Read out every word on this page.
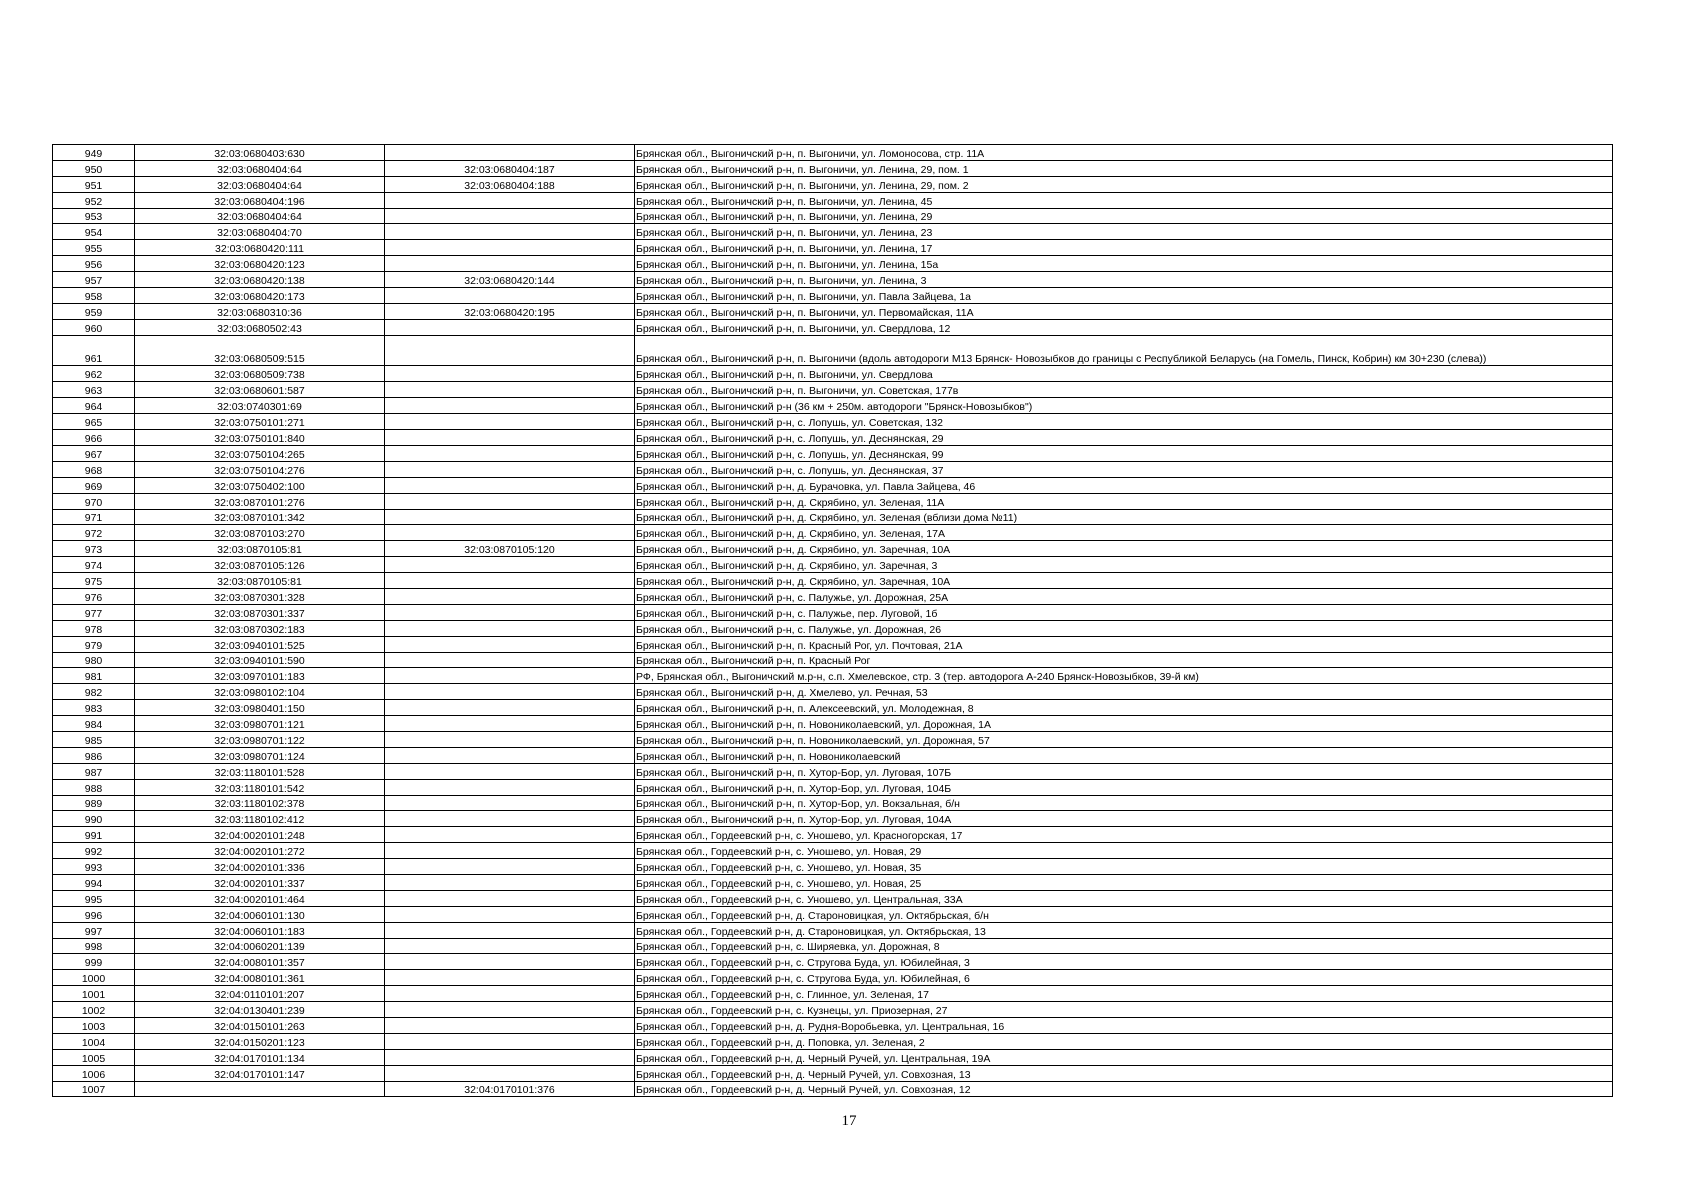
949	32:03:0680403:630		Брянская обл., Выгоничский р-н, п. Выгоничи, ул. Ломоносова, стр. 11А
950	32:03:0680404:64	32:03:0680404:187	Брянская обл., Выгоничский р-н, п. Выгоничи, ул. Ленина, 29, пом. 1
951	32:03:0680404:64	32:03:0680404:188	Брянская обл., Выгоничский р-н, п. Выгоничи, ул. Ленина, 29, пом. 2
952	32:03:0680404:196		Брянская обл., Выгоничский р-н, п. Выгоничи, ул. Ленина, 45
953	32:03:0680404:64		Брянская обл., Выгоничский р-н, п. Выгоничи, ул. Ленина, 29
954	32:03:0680404:70		Брянская обл., Выгоничский р-н, п. Выгоничи, ул. Ленина, 23
955	32:03:0680420:111		Брянская обл., Выгоничский р-н, п. Выгоничи, ул. Ленина, 17
956	32:03:0680420:123		Брянская обл., Выгоничский р-н, п. Выгоничи, ул. Ленина, 15а
957	32:03:0680420:138	32:03:0680420:144	Брянская обл., Выгоничский р-н, п. Выгоничи, ул. Ленина, 3
958	32:03:0680420:173		Брянская обл., Выгоничский р-н, п. Выгоничи, ул. Павла Зайцева, 1а
959	32:03:0680310:36	32:03:0680420:195	Брянская обл., Выгоничский р-н, п. Выгоничи, ул. Первомайская, 11А
960	32:03:0680502:43		Брянская обл., Выгоничский р-н, п. Выгоничи, ул. Свердлова, 12
961	32:03:0680509:515		Брянская обл., Выгоничский р-н, п. Выгоничи (вдоль автодороги М13 Брянск- Новозыбков до границы с Республикой Беларусь (на Гомель, Пинск, Кобрин) км 30+230 (слева))
962	32:03:0680509:738		Брянская обл., Выгоничский р-н, п. Выгоничи, ул. Свердлова
963	32:03:0680601:587		Брянская обл., Выгоничский р-н, п. Выгоничи, ул. Советская, 177в
964	32:03:0740301:69		Брянская обл., Выгоничский р-н (36 км + 250м. автодороги "Брянск-Новозыбков")
965	32:03:0750101:271		Брянская обл., Выгоничский р-н, с. Лопушь, ул. Советская, 132
966	32:03:0750101:840		Брянская обл., Выгоничский р-н, с. Лопушь, ул. Деснянская, 29
967	32:03:0750104:265		Брянская обл., Выгоничский р-н, с. Лопушь, ул. Деснянская, 99
968	32:03:0750104:276		Брянская обл., Выгоничский р-н, с. Лопушь, ул. Деснянская, 37
969	32:03:0750402:100		Брянская обл., Выгоничский р-н, д. Бурачовка, ул. Павла Зайцева, 46
970	32:03:0870101:276		Брянская обл., Выгоничский р-н, д. Скрябино, ул. Зеленая, 11А
971	32:03:0870101:342		Брянская обл., Выгоничский р-н, д. Скрябино, ул. Зеленая (вблизи дома №11)
972	32:03:0870103:270		Брянская обл., Выгоничский р-н, д. Скрябино, ул. Зеленая, 17А
973	32:03:0870105:81	32:03:0870105:120	Брянская обл., Выгоничский р-н, д. Скрябино, ул. Заречная, 10А
974	32:03:0870105:126		Брянская обл., Выгоничский р-н, д. Скрябино, ул. Заречная, 3
975	32:03:0870105:81		Брянская обл., Выгоничский р-н, д. Скрябино, ул. Заречная, 10А
976	32:03:0870301:328		Брянская обл., Выгоничский р-н, с. Палужье, ул. Дорожная, 25А
977	32:03:0870301:337		Брянская обл., Выгоничский р-н, с. Палужье, пер. Луговой, 1б
978	32:03:0870302:183		Брянская обл., Выгоничский р-н, с. Палужье, ул. Дорожная, 26
979	32:03:0940101:525		Брянская обл., Выгоничский р-н, п. Красный Рог, ул. Почтовая, 21А
980	32:03:0940101:590		Брянская обл., Выгоничский р-н, п. Красный Рог
981	32:03:0970101:183		РФ, Брянская обл., Выгоничский м.р-н, с.п. Хмелевское, стр. 3 (тер. автодорога А-240 Брянск-Новозыбков, 39-й км)
982	32:03:0980102:104		Брянская обл., Выгоничский р-н, д. Хмелево, ул. Речная, 53
983	32:03:0980401:150		Брянская обл., Выгоничский р-н, п. Алексеевский, ул. Молодежная, 8
984	32:03:0980701:121		Брянская обл., Выгоничский р-н, п. Новониколаевский, ул. Дорожная, 1А
985	32:03:0980701:122		Брянская обл., Выгоничский р-н, п. Новониколаевский, ул. Дорожная, 57
986	32:03:0980701:124		Брянская обл., Выгоничский р-н, п. Новониколаевский
987	32:03:1180101:528		Брянская обл., Выгоничский р-н, п. Хутор-Бор, ул. Луговая, 107Б
988	32:03:1180101:542		Брянская обл., Выгоничский р-н, п. Хутор-Бор, ул. Луговая, 104Б
989	32:03:1180102:378		Брянская обл., Выгоничский р-н, п. Хутор-Бор, ул. Вокзальная, б/н
990	32:03:1180102:412		Брянская обл., Выгоничский р-н, п. Хутор-Бор, ул. Луговая, 104А
991	32:04:0020101:248		Брянская обл., Гордеевский р-н, с. Уношево, ул. Красногорская, 17
992	32:04:0020101:272		Брянская обл., Гордеевский р-н, с. Уношево, ул. Новая, 29
993	32:04:0020101:336		Брянская обл., Гордеевский р-н, с. Уношево, ул. Новая, 35
994	32:04:0020101:337		Брянская обл., Гордеевский р-н, с. Уношево, ул. Новая, 25
995	32:04:0020101:464		Брянская обл., Гордеевский р-н, с. Уношево, ул. Центральная, 33А
996	32:04:0060101:130		Брянская обл., Гордеевский р-н, д. Староновицкая, ул. Октябрьская, б/н
997	32:04:0060101:183		Брянская обл., Гордеевский р-н, д. Староновицкая, ул. Октябрьская, 13
998	32:04:0060201:139		Брянская обл., Гордеевский р-н, с. Ширяевка, ул. Дорожная, 8
999	32:04:0080101:357		Брянская обл., Гордеевский р-н, с. Стругова Буда, ул. Юбилейная, 3
1000	32:04:0080101:361		Брянская обл., Гордеевский р-н, с. Стругова Буда, ул. Юбилейная, 6
1001	32:04:0110101:207		Брянская обл., Гордеевский р-н, с. Глинное, ул. Зеленая, 17
1002	32:04:0130401:239		Брянская обл., Гордеевский р-н, с. Кузнецы, ул. Приозерная, 27
1003	32:04:0150101:263		Брянская обл., Гордеевский р-н, д. Рудня-Воробьевка, ул. Центральная, 16
1004	32:04:0150201:123		Брянская обл., Гордеевский р-н, д. Поповка, ул. Зеленая, 2
1005	32:04:0170101:134		Брянская обл., Гордеевский р-н, д. Черный Ручей, ул. Центральная, 19А
1006	32:04:0170101:147		Брянская обл., Гордеевский р-н, д. Черный Ручей, ул. Совхозная, 13
1007		32:04:0170101:376	Брянская обл., Гордеевский р-н, д. Черный Ручей, ул. Совхозная, 12
17
